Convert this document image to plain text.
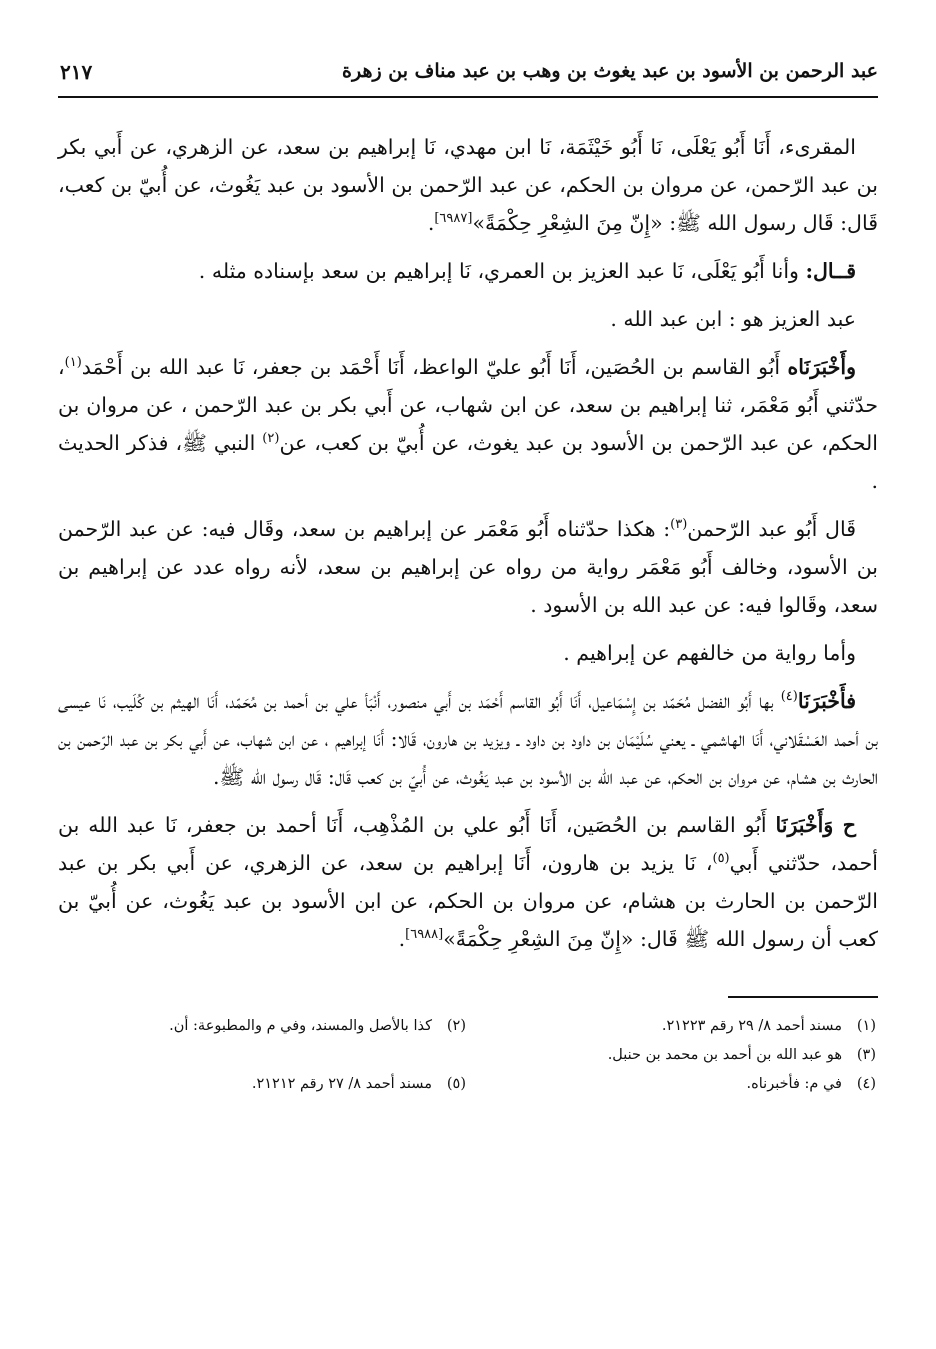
عبد الرحمن بن الأسود بن عبد يغوث بن وهب بن عبد مناف بن زهرة
٢١٧

المقرىء، أَنَا أَبُو يَعْلَى، نَا أَبُو خَيْثَمَة، نَا ابن مهدي، نَا إبراهيم بن سعد، عن الزهري، عن أَبي بكر بن عبد الرّحمن، عن مروان بن الحكم، عن عبد الرّحمن بن الأسود بن عبد يَغُوث، عن أُبيّ بن كعب، قَال: قَال رسول الله ﷺ: «إِنّ مِنَ الشِعْرِ حِكْمَةً»[٦٩٨٧].

قــال: وأنا أَبُو يَعْلَى، نَا عبد العزيز بن العمري، نَا إبراهيم بن سعد بإسناده مثله .

عبد العزيز هو : ابن عبد الله .

وأَخْبَرَنَاه أَبُو القاسم بن الحُصَين، أَنَا أَبُو عليّ الواعظ، أَنَا أَحْمَد بن جعفر، نَا عبد الله بن أَحْمَد$^{(١)}$، حدّثني أَبُو مَعْمَر، ثنا إبراهيم بن سعد، عن ابن شهاب، عن أَبي بكر بن عبد الرّحمن ، عن مروان بن الحكم، عن عبد الرّحمن بن الأسود بن عبد يغوث، عن أُبيّ بن كعب، عن$^{(٢)}$ النبي ﷺ، فذكر الحديث .

قَال أَبُو عبد الرّحمن$^{(٣)}$: هكذا حدّثناه أَبُو مَعْمَر عن إبراهيم بن سعد، وقَال فيه: عن عبد الرّحمن بن الأسود، وخالف أَبُو مَعْمَر رواية من رواه عن إبراهيم بن سعد، لأنه رواه عدد عن إبراهيم بن سعد، وقَالوا فيه: عن عبد الله بن الأسود .

وأما رواية من خالفهم عن إبراهيم .

فأَخْبَرَنَا$^{(٤)}$ بها أَبُو الفضل مُحَمّد بن إِسْمَاعيل، أَنَا أَبُو القاسم أَحْمَد بن أَبي منصور، أَنْبَأ علي بن أحمد بن مُحَمّد، أَنَا الهيثم بن كُلَيب، نَا عيسى بن أحمد العَسْقَلاني، أَنَا الهاشمي ـ يعني سُلَيْمَان بن داود بن داود ـ ويزيد بن هارون، قَالا: أَنَا إبراهيم ، عن ابن شهاب، عن أَبي بكر بن عبد الرّحمن بن الحارث بن هشام، عن مروان بن الحكم، عن عبد الله بن الأسود بن عبد يَغُوث، عن أُبيّ بن كعب قَال: قَال رسول الله ﷺ.

ح وَأَخْبَرَنَا أَبُو القاسم بن الحُصَين، أَنَا أَبُو علي بن المُذْهِب، أَنَا أحمد بن جعفر، نَا عبد الله بن أحمد، حدّثني أَبي$^{(٥)}$، نَا يزيد بن هارون، أَنَا إبراهيم بن سعد، عن الزهري، عن أَبي بكر بن عبد الرّحمن بن الحارث بن هشام، عن مروان بن الحكم، عن ابن الأسود بن عبد يَغُوث، عن أُبيّ بن كعب أن رسول الله ﷺ قَال: «إِنّ مِنَ الشِعْرِ حِكْمَةً»[٦٩٨٨].

(١)مسند أحمد ٨/ ٢٩ رقم ٢١٢٢٣.
(٢)كذا بالأصل والمسند، وفي م والمطبوعة: أن.
(٣)هو عبد الله بن أحمد بن محمد بن حنبل.
(٤)في م: فأخبرناه.
(٥)مسند أحمد ٨/ ٢٧ رقم ٢١٢١٢.
